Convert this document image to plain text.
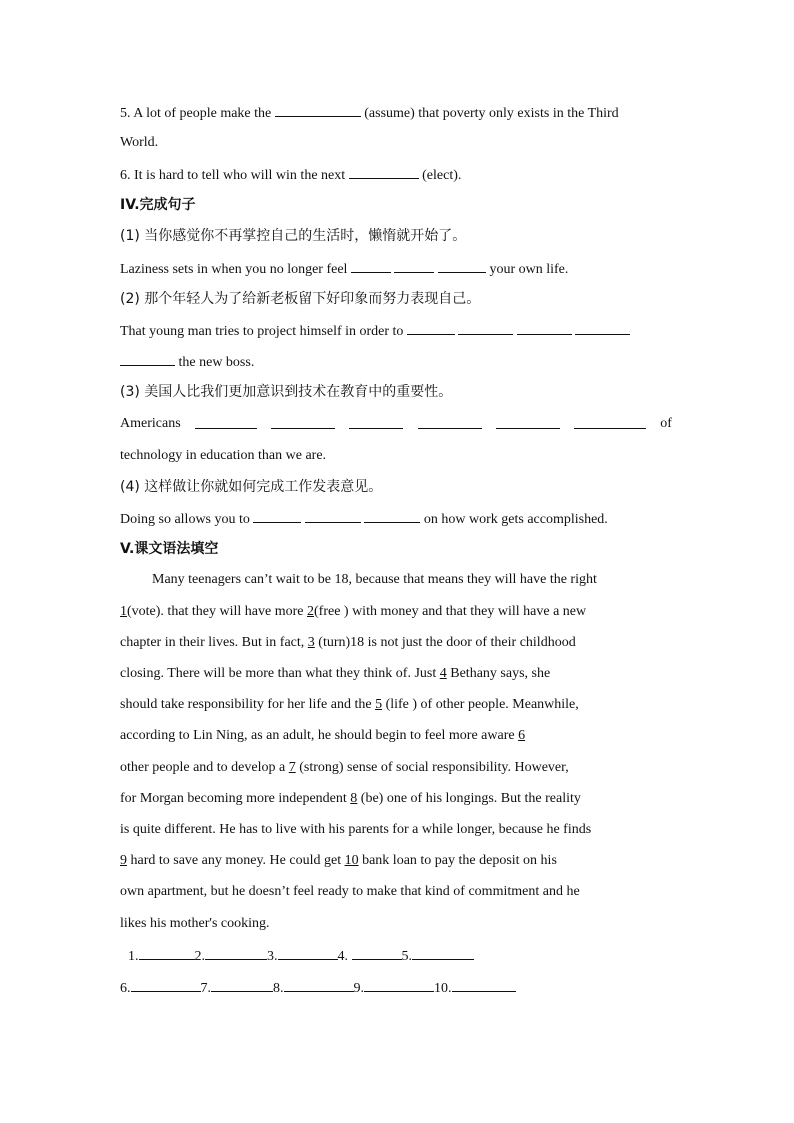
5. A lot of people make the	(assume) that poverty only exists in the Third
World.
6. It is hard to tell who will win the next	(elect).
IV.完成句子
(1) 当你感觉你不再掌控自己的生活时，懒惰就开始了。
Laziness sets in when you no longer feel	your own life.
(2) 那个年轻人为了给新老板留下好印象而努力表现自己。
That young man tries to project himself in order to
the new boss.
(3) 美国人比我们更加意识到技术在教育中的重要性。
Americans	of
technology in education than we are.
(4) 这样做让你就如何完成工作发表意见。
Doing so allows you to	on how work gets accomplished.
V.课文语法填空
Many teenagers can’t wait to be 18, because that means they will have the right
1(vote). that they will have more 2(free ) with money and that they will have a new
chapter in their lives. But in fact, 3 (turn)18 is not just the door of their childhood
closing. There will be more than what they think of. Just 4 Bethany says, she
should take responsibility for her life and the 5 (life ) of other people. Meanwhile,
according to Lin Ning, as an adult, he should begin to feel more aware 6
other people and to develop a 7 (strong) sense of social responsibility. However,
for Morgan becoming more independent 8 (be) one of his longings. But the reality
is quite different. He has to live with his parents for a while longer, because he finds
9 hard to save any money. He could get 10 bank loan to pay the deposit on his
own apartment, but he doesn’t feel ready to make that kind of commitment and he
likes his mother's cooking.
1.	2.	3.	4.	5.
6.	7.	8.	9.	10.
